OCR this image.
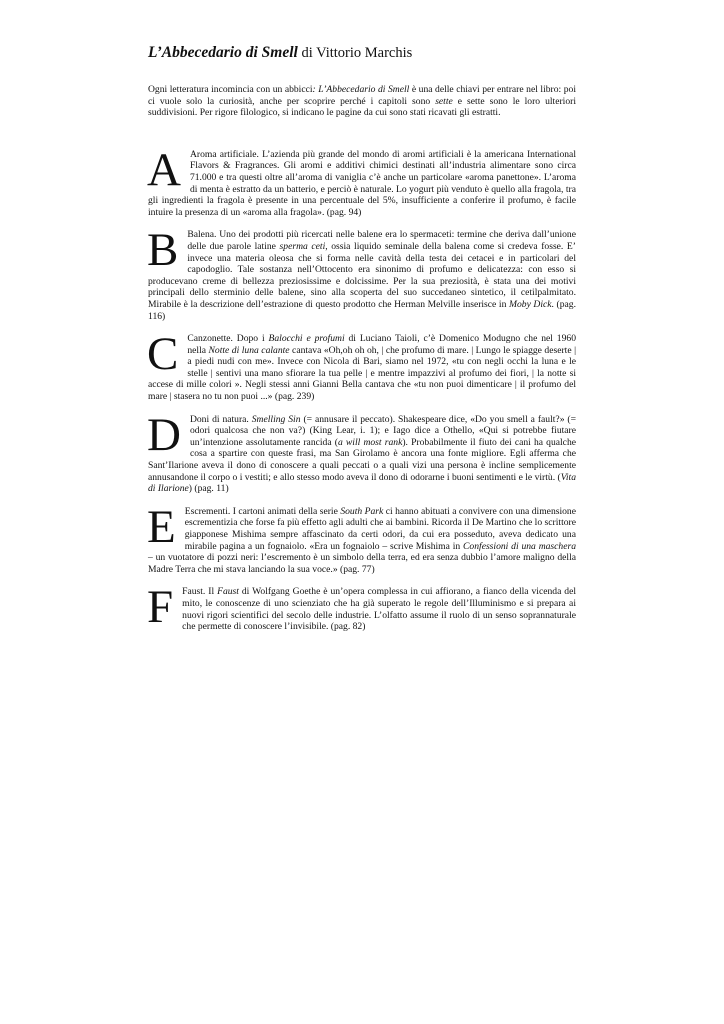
L’Abbecedario di Smell di Vittorio Marchis

Ogni letteratura incomincia con un abbicci: L’Abbecedario di Smell è una delle chiavi per entrare nel libro: poi ci vuole solo la curiosità, anche per scoprire perché i capitoli sono sette e sette sono le loro ulteriori suddivisioni. Per rigore filologico, si indicano le pagine da cui sono stati ricavati gli estratti.

A Aroma artificiale. L’azienda più grande del mondo di aromi artificiali è la americana International Flavors & Fragrances. Gli aromi e additivi chimici destinati all’industria alimentare sono circa 71.000 e tra questi oltre all’aroma di vaniglia c’è anche un particolare «aroma panettone». L’aroma di menta è estratto da un batterio, e perciò è naturale. Lo yogurt più venduto è quello alla fragola, tra gli ingredienti la fragola è presente in una percentuale del 5%, insufficiente a conferire il profumo, è facile intuire la presenza di un «aroma alla fragola». (pag. 94)

B Balena. Uno dei prodotti più ricercati nelle balene era lo spermaceti: termine che deriva dall’unione delle due parole latine sperma ceti, ossia liquido seminale della balena come si credeva fosse. E’ invece una materia oleosa che si forma nelle cavità della testa dei cetacei e in particolari del capodoglio. Tale sostanza nell’Ottocento era sinonimo di profumo e delicatezza: con esso si producevano creme di bellezza preziosissime e dolcissime. Per la sua preziosità, è stata una dei motivi principali dello sterminio delle balene, sino alla scoperta del suo succedaneo sintetico, il cetilpalmitato. Mirabile è la descrizione dell’estrazione di questo prodotto che Herman Melville inserisce in Moby Dick. (pag. 116)

C Canzonette. Dopo i Balocchi e profumi di Luciano Taioli, c’è Domenico Modugno che nel 1960 nella Notte di luna calante cantava «Oh,oh oh oh, | che profumo di mare. | Lungo le spiagge deserte | a piedi nudi con me». Invece con Nicola di Bari, siamo nel 1972, «tu con negli occhi la luna e le stelle | sentivi una mano sfiorare la tua pelle | e mentre impazzivi al profumo dei fiori, | la notte si accese di mille colori ». Negli stessi anni Gianni Bella cantava che «tu non puoi dimenticare | il profumo del mare | stasera no tu non puoi ...» (pag. 239)

D Doni di natura. Smelling Sin (= annusare il peccato). Shakespeare dice, «Do you smell a fault?» (= odori qualcosa che non va?) (King Lear, i. 1); e Iago dice a Othello, «Qui si potrebbe fiutare un’intenzione assolutamente rancida (a will most rank). Probabilmente il fiuto dei cani ha qualche cosa a spartire con queste frasi, ma San Girolamo è ancora una fonte migliore. Egli afferma che Sant’Ilarione aveva il dono di conoscere a quali peccati o a quali vizi una persona è incline semplicemente annusandone il corpo o i vestiti; e allo stesso modo aveva il dono di odorarne i buoni sentimenti e le virtù. (Vita di Ilarione) (pag. 11)

E Escrementi. I cartoni animati della serie South Park ci hanno abituati a convivere con una dimensione escrementizia che forse fa più effetto agli adulti che ai bambini. Ricorda il De Martino che lo scrittore giapponese Mishima sempre affascinato da certi odori, da cui era posseduto, aveva dedicato una mirabile pagina a un fognaiolo. «Era un fognaiolo – scrive Mishima in Confessioni di una maschera – un vuotatore di pozzi neri: l’escremento è un simbolo della terra, ed era senza dubbio l’amore maligno della Madre Terra che mi stava lanciando la sua voce.» (pag. 77)

F Faust. Il Faust di Wolfgang Goethe è un’opera complessa in cui affiorano, a fianco della vicenda del mito, le conoscenze di uno scienziato che ha già superato le regole dell’Illuminismo e si prepara ai nuovi rigori scientifici del secolo delle industrie. L’olfatto assume il ruolo di un senso soprannaturale che permette di conoscere l’invisibile. (pag. 82)
